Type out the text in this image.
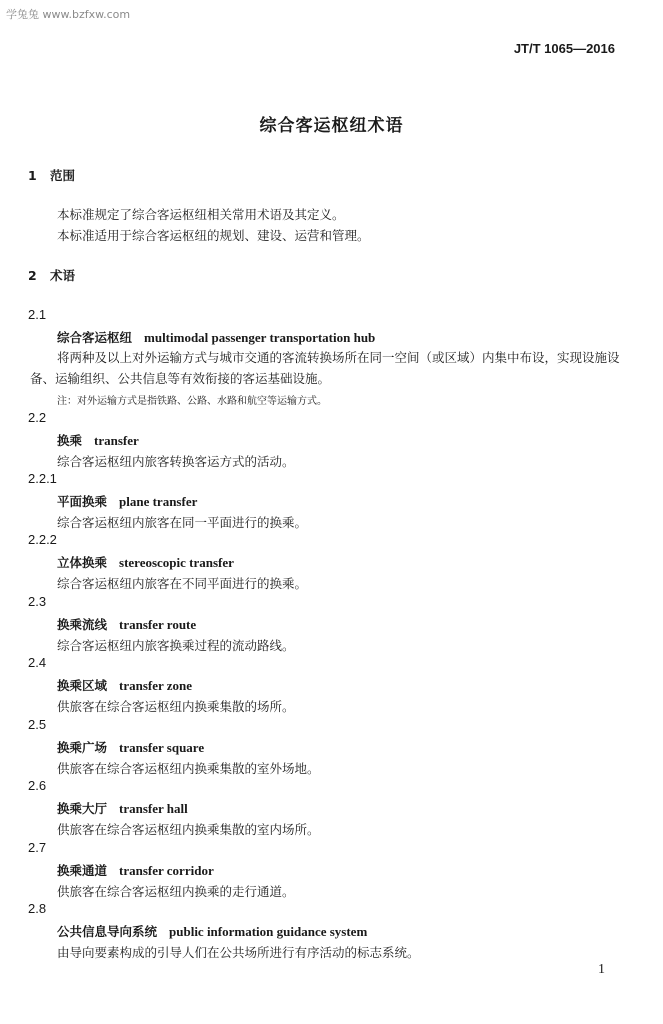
学兔兔 www.bzfxw.com
JT/T 1065—2016
综合客运枢纽术语
1 范围
本标准规定了综合客运枢纽相关常用术语及其定义。
本标准适用于综合客运枢纽的规划、建设、运营和管理。
2 术语
2.1
综合客运枢纽 multimodal passenger transportation hub
将两种及以上对外运输方式与城市交通的客流转换场所在同一空间（或区域）内集中布设，实现设施设备、运输组织、公共信息等有效衔接的客运基础设施。
注：对外运输方式是指铁路、公路、水路和航空等运输方式。
2.2
换乘 transfer
综合客运枢纽内旅客转换客运方式的活动。
2.2.1
平面换乘 plane transfer
综合客运枢纽内旅客在同一平面进行的换乘。
2.2.2
立体换乘 stereoscopic transfer
综合客运枢纽内旅客在不同平面进行的换乘。
2.3
换乘流线 transfer route
综合客运枢纽内旅客换乘过程的流动路线。
2.4
换乘区域 transfer zone
供旅客在综合客运枢纽内换乘集散的场所。
2.5
换乘广场 transfer square
供旅客在综合客运枢纽内换乘集散的室外场地。
2.6
换乘大厅 transfer hall
供旅客在综合客运枢纽内换乘集散的室内场所。
2.7
换乘通道 transfer corridor
供旅客在综合客运枢纽内换乘的走行通道。
2.8
公共信息导向系统 public information guidance system
由导向要素构成的引导人们在公共场所进行有序活动的标志系统。
1
